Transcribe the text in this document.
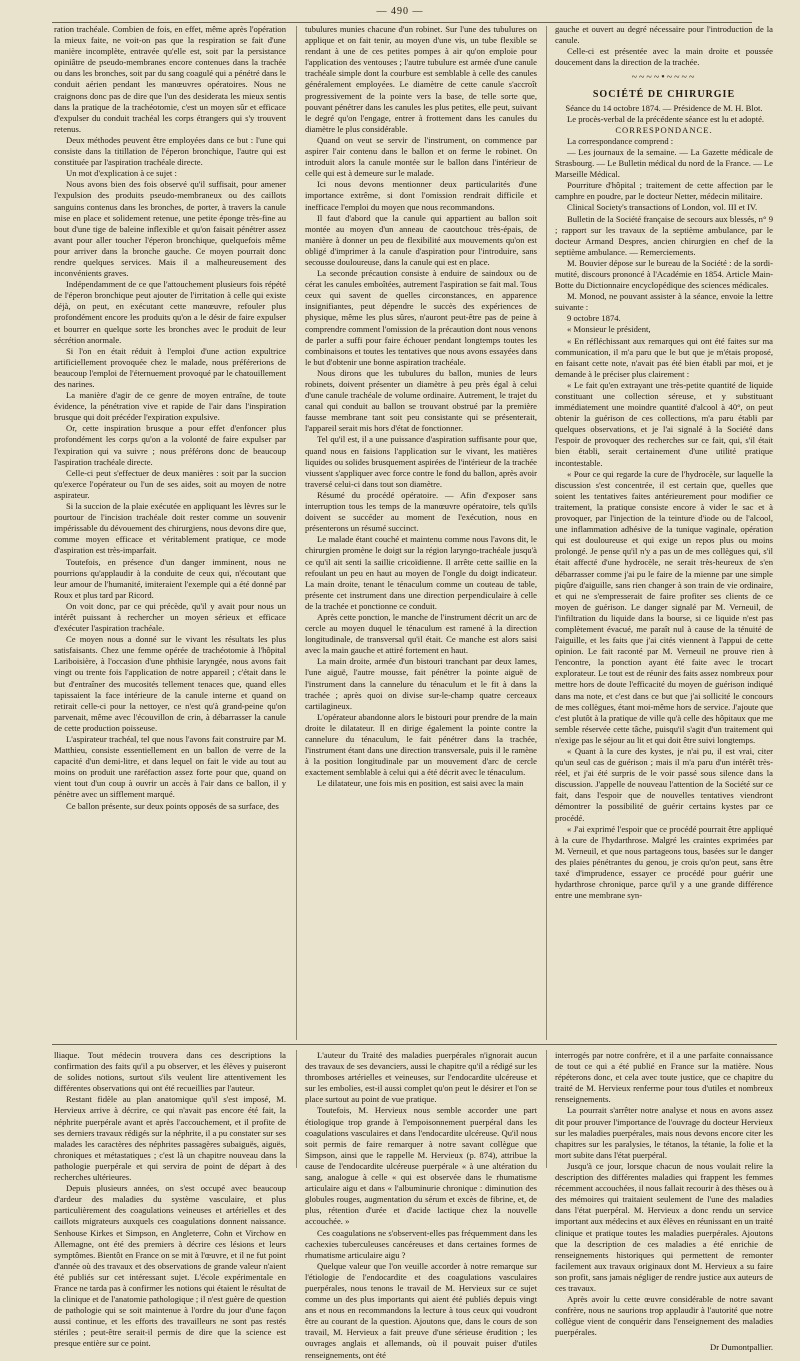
— 490 —

ration trachéale. Combien de fois, en effet, même après l'opération la mieux faite, ne voit-on pas que la respiration se fait d'une manière incomplète, entravée qu'elle est, soit par la persistance opiniâtre de pseudo-membranes encore contenues dans la trachée ou dans les bronches, soit par du sang coagulé qui a pénétré dans le conduit aérien pendant les manœuvres opératoires. Nous ne craignons donc pas de dire que l'un des desiderata les mieux sentis dans la pratique de la trachéotomie, c'est un moyen sûr et efficace d'expulser du conduit trachéal les corps étrangers qui s'y trouvent retenus.

Deux méthodes peuvent être employées dans ce but : l'une qui consiste dans la titillation de l'éperon bronchique, l'autre qui est constituée par l'aspiration trachéale directe.

Un mot d'explication à ce sujet :

Nous avons bien des fois observé qu'il suffisait, pour amener l'expulsion des produits pseudo-membraneux ou des caillots sanguins contenus dans les bronches, de porter, à travers la canule mise en place et solidement retenue, une petite éponge très-fine au bout d'une tige de baleine inflexible et qu'on faisait pénétrer assez avant pour aller toucher l'éperon bronchique, quelquefois même pour arriver dans la bronche gauche. Ce moyen pourrait donc rendre quelques services. Mais il a malheureusement des inconvénients graves.

Indépendamment de ce que l'attouchement plusieurs fois répété de l'éperon bronchique peut ajouter de l'irritation à celle qui existe déjà, on peut, en exécutant cette manœuvre, refouler plus profondément encore les produits qu'on a le désir de faire expulser et bourrer en quelque sorte les bronches avec le produit de leur sécrétion anormale.

Si l'on en était réduit à l'emploi d'une action expultrice artificiellement provoquée chez le malade, nous préférerions de beaucoup l'emploi de l'éternuement provoqué par le chatouillement des narines.

La manière d'agir de ce genre de moyen entraîne, de toute évidence, la pénétration vive et rapide de l'air dans l'inspiration brusque qui doit précéder l'expiration expulsive.

Or, cette inspiration brusque a pour effet d'enfoncer plus profondément les corps qu'on a la volonté de faire expulser par l'expiration qui va suivre ; nous préférons donc de beaucoup l'aspiration trachéale directe.

Celle-ci peut s'effectuer de deux manières : soit par la succion qu'exerce l'opérateur ou l'un de ses aides, soit au moyen de notre aspirateur.

Si la succion de la plaie exécutée en appliquant les lèvres sur le pourtour de l'incision trachéale doit rester comme un souvenir impérissable du dévouement des chirurgiens, nous devons dire que, comme moyen efficace et véritablement pratique, ce mode d'aspiration est très-imparfait.

Toutefois, en présence d'un danger imminent, nous ne pourrions qu'applaudir à la conduite de ceux qui, n'écoutant que leur amour de l'humanité, imiteraient l'exemple qui a été donné par Roux et plus tard par Ricord.

On voit donc, par ce qui précède, qu'il y avait pour nous un intérêt puissant à rechercher un moyen sérieux et efficace d'exécuter l'aspiration trachéale.

Ce moyen nous a donné sur le vivant les résultats les plus satisfaisants. Chez une femme opérée de trachéotomie à l'hôpital Lariboisière, à l'occasion d'une phthisie laryngée, nous avons fait vingt ou trente fois l'application de notre appareil ; c'était dans le but d'entraîner des mucosités tellement tenaces que, quand elles tapissaient la face intérieure de la canule interne et quand on retirait celle-ci pour la nettoyer, ce n'est qu'à grand-peine qu'on parvenait, même avec l'écouvillon de crin, à débarrasser la canule de cette production poisseuse.

L'aspirateur trachéal, tel que nous l'avons fait construire par M. Matthieu, consiste essentiellement en un ballon de verre de la capacité d'un demi-litre, et dans lequel on fait le vide au tout au moins on produit une raréfaction assez forte pour que, quand on vient tout d'un coup à ouvrir un accès à l'air dans ce ballon, il y pénètre avec un sifflement marqué.

Ce ballon présente, sur deux points opposés de sa surface, des

tubulures munies chacune d'un robinet. Sur l'une des tubulures on applique et on fait tenir, au moyen d'une vis, un tube flexible se rendant à une de ces petites pompes à air qu'on emploie pour l'application des ventouses ; l'autre tubulure est armée d'une canule trachéale simple dont la courbure est semblable à celle des canules généralement employées. Le diamètre de cette canule s'accroît progressivement de la pointe vers la base, de telle sorte que, pouvant pénétrer dans les canules les plus petites, elle peut, suivant le degré qu'on l'engage, entrer à frottement dans les canules du diamètre le plus considérable.

Quand on veut se servir de l'instrument, on commence par aspirer l'air contenu dans le ballon et on ferme le robinet. On introduit alors la canule montée sur le ballon dans l'intérieur de celle qui est à demeure sur le malade.

Ici nous devons mentionner deux particularités d'une importance extrême, si dont l'omission rendrait difficile et inefficace l'emploi du moyen que nous recommandons.

Il faut d'abord que la canule qui appartient au ballon soit montée au moyen d'un anneau de caoutchouc très-épais, de manière à donner un peu de flexibilité aux mouvements qu'on est obligé d'imprimer à la canule d'aspiration pour l'introduire, sans secousse douloureuse, dans la canule qui est en place.

La seconde précaution consiste à enduire de saindoux ou de cérat les canules emboîtées, autrement l'aspiration se fait mal. Tous ceux qui savent de quelles circonstances, en apparence insignifiantes, peut dépendre le succès des expériences de physique, même les plus sûres, n'auront peut-être pas de peine à comprendre comment l'omission de la précaution dont nous venons de parler a suffi pour faire échouer pendant longtemps toutes les combinaisons et toutes les tentatives que nous avons essayées dans le but d'obtenir une bonne aspiration trachéale.

Nous dirons que les tubulures du ballon, munies de leurs robinets, doivent présenter un diamètre à peu près égal à celui d'une canule trachéale de volume ordinaire. Autrement, le trajet du canal qui conduit au ballon se trouvant obstrué par la première fausse membrane tant soit peu consistante qui se présenterait, l'appareil serait mis hors d'état de fonctionner.

Tel qu'il est, il a une puissance d'aspiration suffisante pour que, quand nous en faisions l'application sur le vivant, les matières liquides ou solides brusquement aspirées de l'intérieur de la trachée viussent s'appliquer avec force contre le fond du ballon, après avoir traversé celui-ci dans tout son diamètre.

Résumé du procédé opératoire. — Afin d'exposer sans interruption tous les temps de la manœuvre opératoire, tels qu'ils doivent se succéder au moment de l'exécution, nous en présenterons un résumé succinct.

Le malade étant couché et maintenu comme nous l'avons dit, le chirurgien promène le doigt sur la région laryngo-trachéale jusqu'à ce qu'il ait senti la saillie cricoïdienne. Il arrête cette saillie en la refoulant un peu en haut au moyen de l'ongle du doigt indicateur. La main droite, tenant le ténaculum comme un couteau de table, présente cet instrument dans une direction perpendiculaire à celle de la trachée et ponctionne ce conduit.

Après cette ponction, le manche de l'instrument décrit un arc de cercle au moyen duquel le ténaculum est ramené à la direction longitudinale, de transversal qu'il était. Ce manche est alors saisi avec la main gauche et attiré fortement en haut.

La main droite, armée d'un bistouri tranchant par deux lames, l'une aiguë, l'autre mousse, fait pénétrer la pointe aiguë de l'instrument dans la cannelure du ténaculum et le fit à dans la trachée ; après quoi on divise sur-le-champ quatre cerceaux cartilagineux.

L'opérateur abandonne alors le bistouri pour prendre de la main droite le dilatateur. Il en dirige également la pointe contre la cannelure du ténaculum, le fait pénétrer dans la trachée, l'instrument étant dans une direction transversale, puis il le ramène à la position longitudinale par un mouvement d'arc de cercle exactement semblable à celui qui a été décrit avec le ténaculum.

Le dilatateur, une fois mis en position, est saisi avec la main

gauche et ouvert au degré nécessaire pour l'introduction de la canule.

Celle-ci est présentée avec la main droite et poussée doucement dans la direction de la trachée.

~~~~•~~~~
SOCIÉTÉ DE CHIRURGIE

Séance du 14 octobre 1874. — Présidence de M. H. Blot.

Le procès-verbal de la précédente séance est lu et adopté.

CORRESPONDANCE.

La correspondance comprend :

— Les journaux de la semaine. — La Gazette médicale de Strasbourg. — Le Bulletin médical du nord de la France. — Le Marseille Médical.

Pourriture d'hôpital ; traitement de cette affection par le camphre en poudre, par le docteur Netter, médecin militaire.

Clinical Society's transactions of London, vol. III et IV.

Bulletin de la Société française de secours aux blessés, n° 9 ; rapport sur les travaux de la septième ambulance, par le docteur Armand Despres, ancien chirurgien en chef de la septième ambulance. — Remerciements.

M. Bouvier dépose sur le bureau de la Société : de la sordi-mutité, discours prononcé à l'Académie en 1854. Article Main-Botte du Dictionnaire encyclopédique des sciences médicales.

M. Monod, ne pouvant assister à la séance, envoie la lettre suivante :

9 octobre 1874.

« Monsieur le président,

« En réfléchissant aux remarques qui ont été faites sur ma communication, il m'a paru que le but que je m'étais proposé, en faisant cette note, n'avait pas été bien établi par moi, et je demande à le préciser plus clairement :

« Le fait qu'en extrayant une très-petite quantité de liquide constituant une collection séreuse, et y substituant immédiatement une moindre quantité d'alcool à 40°, on peut obtenir la guérison de ces collections, m'a paru établi par quelques observations, et je l'ai signalé à la Société dans l'espoir de provoquer des recherches sur ce fait, qui, s'il était bien établi, serait certainement d'une utilité pratique incontestable.

« Pour ce qui regarde la cure de l'hydrocèle, sur laquelle la discussion s'est concentrée, il est certain que, quelles que soient les tentatives faites antérieurement pour modifier ce traitement, la pratique consiste encore à vider le sac et à provoquer, par l'injection de la teinture d'iode ou de l'alcool, une inflammation adhésive de la tunique vaginale, opération qui est douloureuse et qui exige un repos plus ou moins prolongé. Je pense qu'il n'y a pas un de mes collègues qui, s'il était affecté d'une hydrocèle, ne serait très-heureux de s'en débarrasser comme j'ai pu le faire de la mienne par une simple piqûre d'aiguille, sans rien changer à son train de vie ordinaire, et qui ne s'empresserait de faire profiter ses clients de ce moyen de guérison. Le danger signalé par M. Verneuil, de l'infiltration du liquide dans la bourse, si ce liquide n'est pas complètement évacué, me paraît nul à cause de la ténuité de l'aiguille, et les faits que j'ai cités viennent à l'appui de cette opinion. Le fait raconté par M. Verneuil ne prouve rien à l'encontre, la ponction ayant été faite avec le trocart explorateur. Le tout est de réunir des faits assez nombreux pour mettre hors de doute l'efficacité du moyen de guérison indiqué dans ma note, et c'est dans ce but que j'ai sollicité le concours de mes collègues, étant moi-même hors de service. J'ajoute que c'est plutôt à la pratique de ville qu'à celle des hôpitaux que me semble réservée cette tâche, puisqu'il s'agit d'un traitement qui n'exige pas le séjour au lit et qui doit être suivi longtemps.

« Quant à la cure des kystes, je n'ai pu, il est vrai, citer qu'un seul cas de guérison ; mais il m'a paru d'un intérêt très-réel, et j'ai été surpris de le voir passé sous silence dans la discussion. J'appelle de nouveau l'attention de la Société sur ce fait, dans l'espoir que de nouvelles tentatives viendront démontrer la possibilité de guérir certains kystes par ce procédé.

« J'ai exprimé l'espoir que ce procédé pourrait être appliqué à la cure de l'hydarthrose. Malgré les craintes exprimées par M. Verneuil, et que nous partageons tous, basées sur le danger des plaies pénétrantes du genou, je crois qu'on peut, sans être taxé d'imprudence, essayer ce procédé pour guérir une hydarthrose chronique, parce qu'il y a une grande différence entre une membrane syn-

lliaque. Tout médecin trouvera dans ces descriptions la confirmation des faits qu'il a pu observer, et les élèves y puiseront de solides notions, surtout s'ils veulent lire attentivement les différentes observations qui ont été recueillies par l'auteur.

Restant fidèle au plan anatomique qu'il s'est imposé, M. Hervieux arrive à décrire, ce qui n'avait pas encore été fait, la néphrite puerpérale avant et après l'accouchement, et il profite de ses derniers travaux rédigés sur la néphrite, il a pu constater sur ses malades les caractères des néphrites passagères subaiguës, aiguës, chroniques et métastatiques ; c'est là un chapitre nouveau dans la pathologie puerpérale et qui servira de point de départ à des recherches ultérieures.

Depuis plusieurs années, on s'est occupé avec beaucoup d'ardeur des maladies du système vasculaire, et plus particulièrement des coagulations veineuses et artérielles et des caillots migrateurs auxquels ces coagulations donnent naissance. Senhouse Kirkes et Simpson, en Angleterre, Cohn et Virchow en Allemagne, ont été des premiers à décrire ces lésions et leurs symptômes. Bientôt en France on se mit à l'œuvre, et il ne fut point d'année où des travaux et des observations de grande valeur n'aient été publiés sur cet intéressant sujet. L'école expérimentale en France ne tarda pas à confirmer les notions qui étaient le résultat de la clinique et de l'anatomie pathologique ; il n'est guère de question de pathologie qui se soit maintenue à l'ordre du jour d'une façon aussi continue, et les efforts des travailleurs ne sont pas restés stériles ; peut-être serait-il permis de dire que la science est presque entière sur ce point.

L'auteur du Traité des maladies puerpérales n'ignorait aucun des travaux de ses devanciers, aussi le chapitre qu'il a rédigé sur les thromboses artérielles et veineuses, sur l'endocardite ulcéreuse et sur les embolies, est-il aussi complet qu'on peut le désirer et l'on se place surtout au point de vue pratique.

Toutefois, M. Hervieux nous semble accorder une part étiologique trop grande à l'empoisonnement puerpéral dans les coagulations vasculaires et dans l'endocardite ulcéreuse. Qu'il nous soit permis de faire remarquer à notre savant collègue que Simpson, ainsi que le rappelle M. Hervieux (p. 874), attribue la cause de l'endocardite ulcéreuse puerpérale « à une altération du sang, analogue à celle « qui est observée dans le rhumatisme articulaire aigu et dans « l'albuminurie chronique : diminution des globules rouges, augmentation du sérum et excès de fibrine, et, de plus, rétention d'urée et d'acide lactique chez la nouvelle accouchée. »

Ces coagulations ne s'observent-elles pas fréquemment dans les cachexies tuberculeuses cancéreuses et dans certaines formes de rhumatisme articulaire aigu ?

Quelque valeur que l'on veuille accorder à notre remarque sur l'étiologie de l'endocardite et des coagulations vasculaires puerpérales, nous tenons le travail de M. Hervieux sur ce sujet comme un des plus importants qui aient été publiés depuis vingt ans et nous en recommandons la lecture à tous ceux qui voudront être au courant de la question. Ajoutons que, dans le cours de son travail, M. Hervieux a fait preuve d'une sérieuse érudition ; les ouvrages anglais et allemands, où il pouvait puiser d'utiles renseignements, ont été

interrogés par notre confrère, et il a une parfaite connaissance de tout ce qui a été publié en France sur la matière. Nous répéterons donc, et cela avec toute justice, que ce chapitre du traité de M. Hervieux renferme pour tous d'utiles et nombreux renseignements.

La pourrait s'arrêter notre analyse et nous en avons assez dit pour prouver l'importance de l'ouvrage du docteur Hervieux sur les maladies puerpérales, mais nous devons encore citer les chapitres sur les paralysies, le tétanos, la tétanie, la folie et la mort subite dans l'état puerpéral.

Jusqu'à ce jour, lorsque chacun de nous voulait relire la description des différentes maladies qui frappent les femmes récemment accouchées, il nous fallait recourir à des thèses ou à des mémoires qui traitaient seulement de l'une des maladies dans l'état puerpéral. M. Hervieux a donc rendu un service important aux médecins et aux élèves en réunissant en un traité clinique et pratique toutes les maladies puerpérales. Ajoutons que la description de ces maladies a été enrichie de renseignements historiques qui permettent de remonter facilement aux travaux originaux dont M. Hervieux a su faire son profit, sans jamais négliger de rendre justice aux auteurs de ces travaux.

Après avoir lu cette œuvre considérable de notre savant confrère, nous ne saurions trop applaudir à l'autorité que notre collègue vient de conquérir dans l'enseignement des maladies puerpérales.

Dr Dumontpallier.
